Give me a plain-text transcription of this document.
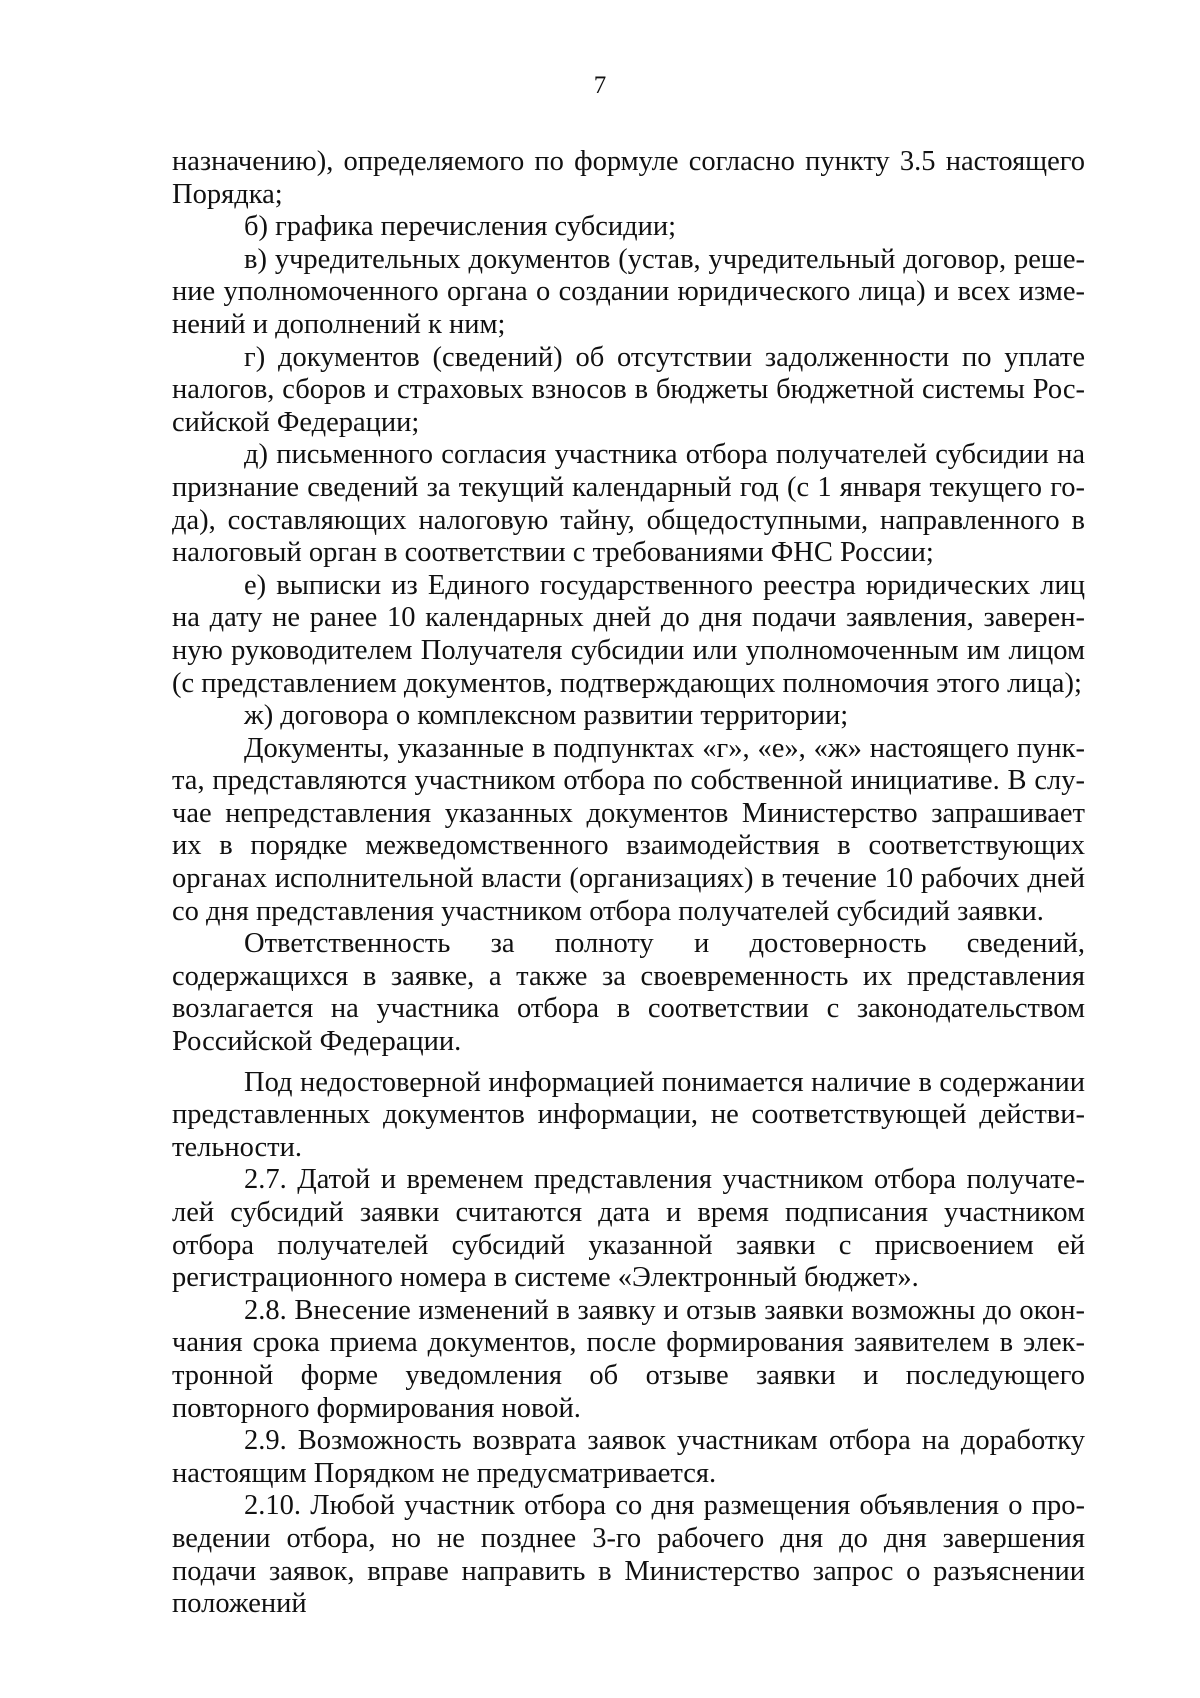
7

назначению), определяемого по формуле согласно пункту 3.5 настоящего Порядка;

б) графика перечисления субсидии;

в) учредительных документов (устав, учредительный договор, решение уполномоченного органа о создании юридического лица) и всех изменений и дополнений к ним;

г) документов (сведений) об отсутствии задолженности по уплате налогов, сборов и страховых взносов в бюджеты бюджетной системы Российской Федерации;

д) письменного согласия участника отбора получателей субсидии на признание сведений за текущий календарный год (с 1 января текущего года), составляющих налоговую тайну, общедоступными, направленного в налоговый орган в соответствии с требованиями ФНС России;

е) выписки из Единого государственного реестра юридических лиц на дату не ранее 10 календарных дней до дня подачи заявления, заверенную руководителем Получателя субсидии или уполномоченным им лицом (с представлением документов, подтверждающих полномочия этого лица);

ж) договора о комплексном развитии территории;

Документы, указанные в подпунктах «г», «е», «ж» настоящего пункта, представляются участником отбора по собственной инициативе. В случае непредставления указанных документов Министерство запрашивает их в порядке межведомственного взаимодействия в соответствующих органах исполнительной власти (организациях) в течение 10 рабочих дней со дня представления участником отбора получателей субсидий заявки.

Ответственность за полноту и достоверность сведений, содержащихся в заявке, а также за своевременность их представления возлагается на участника отбора в соответствии с законодательством Российской Федерации.

Под недостоверной информацией понимается наличие в содержании представленных документов информации, не соответствующей действительности.

2.7. Датой и временем представления участником отбора получателей субсидий заявки считаются дата и время подписания участником отбора получателей субсидий указанной заявки с присвоением ей регистрационного номера в системе «Электронный бюджет».

2.8. Внесение изменений в заявку и отзыв заявки возможны до окончания срока приема документов, после формирования заявителем в электронной форме уведомления об отзыве заявки и последующего повторного формирования новой.

2.9. Возможность возврата заявок участникам отбора на доработку настоящим Порядком не предусматривается.

2.10. Любой участник отбора со дня размещения объявления о проведении отбора, но не позднее 3-го рабочего дня до дня завершения подачи заявок, вправе направить в Министерство запрос о разъяснении положений
